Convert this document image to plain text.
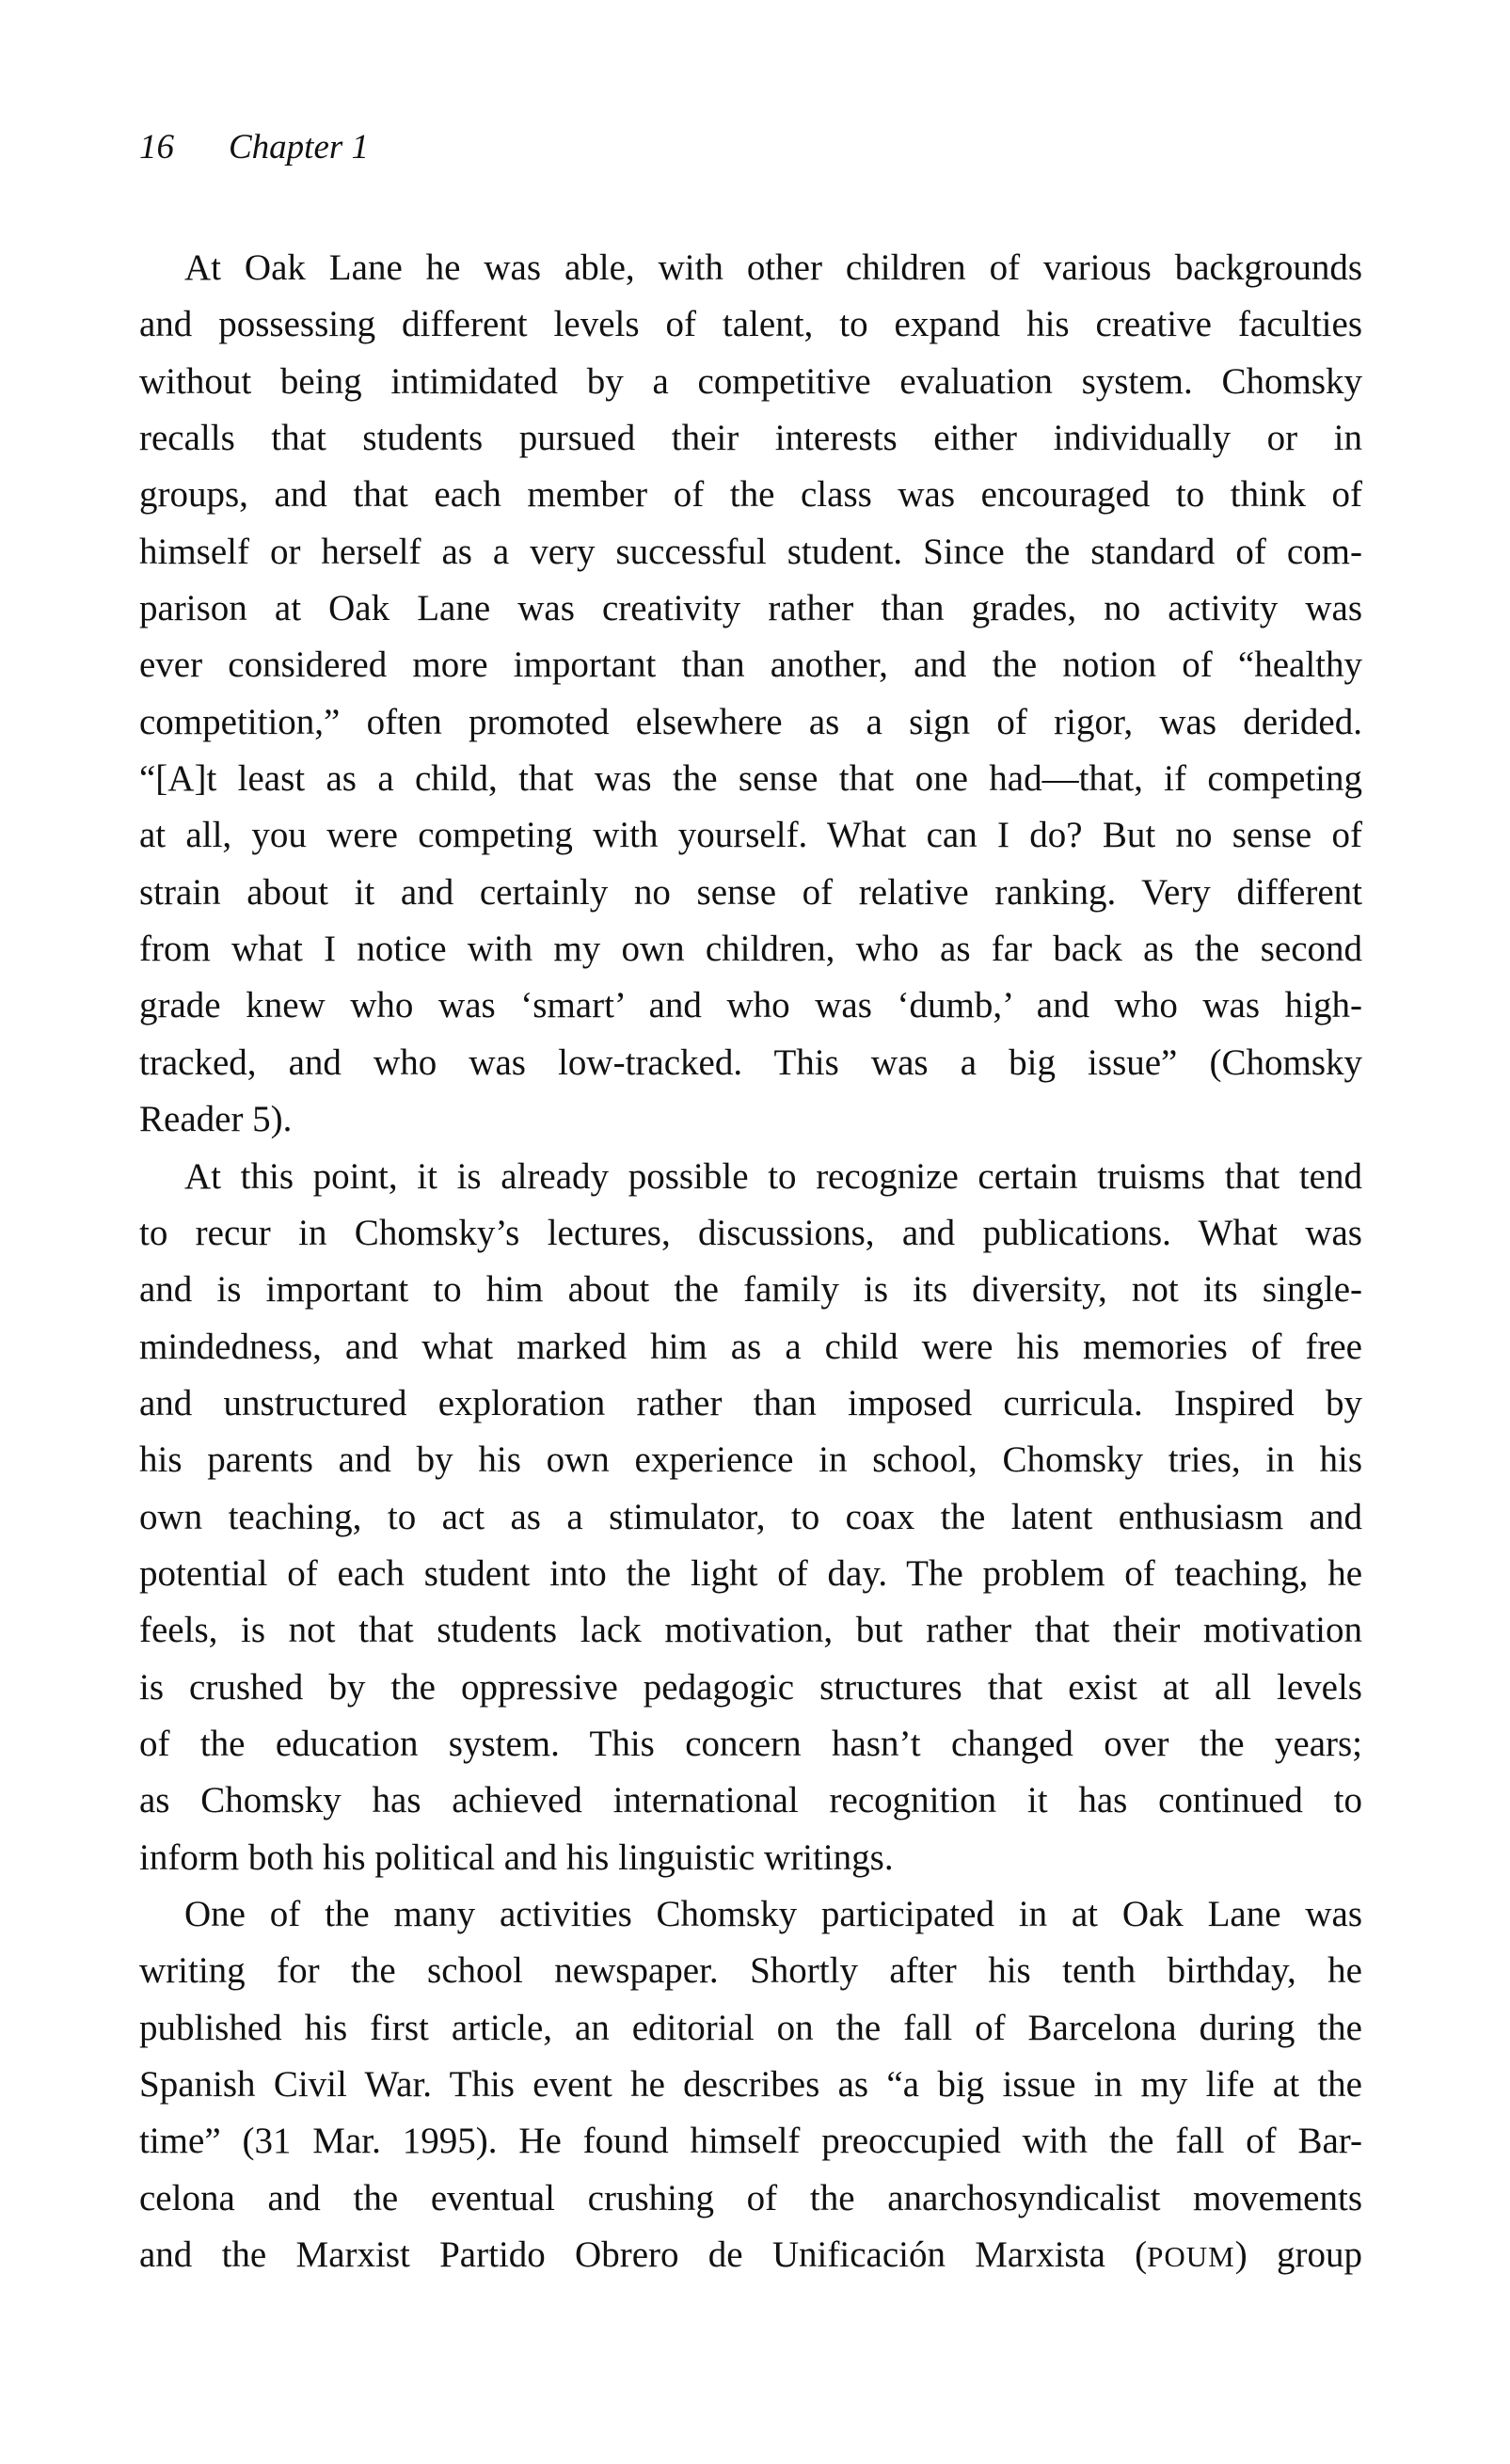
16 Chapter 1
At Oak Lane he was able, with other children of various backgrounds
and possessing different levels of talent, to expand his creative faculties
without being intimidated by a competitive evaluation system. Chomsky
recalls that students pursued their interests either individually or in
groups, and that each member of the class was encouraged to think of
himself or herself as a very successful student. Since the standard of com-
parison at Oak Lane was creativity rather than grades, no activity was
ever considered more important than another, and the notion of “healthy
competition,” often promoted elsewhere as a sign of rigor, was derided.
“[A]t least as a child, that was the sense that one had—that, if competing
at all, you were competing with yourself. What can I do? But no sense of
strain about it and certainly no sense of relative ranking. Very different
from what I notice with my own children, who as far back as the second
grade knew who was ‘smart’ and who was ‘dumb,’ and who was high-
tracked, and who was low-tracked. This was a big issue” (Chomsky
Reader 5).
At this point, it is already possible to recognize certain truisms that tend
to recur in Chomsky’s lectures, discussions, and publications. What was
and is important to him about the family is its diversity, not its single-
mindedness, and what marked him as a child were his memories of free
and unstructured exploration rather than imposed curricula. Inspired by
his parents and by his own experience in school, Chomsky tries, in his
own teaching, to act as a stimulator, to coax the latent enthusiasm and
potential of each student into the light of day. The problem of teaching, he
feels, is not that students lack motivation, but rather that their motivation
is crushed by the oppressive pedagogic structures that exist at all levels
of the education system. This concern hasn’t changed over the years;
as Chomsky has achieved international recognition it has continued to
inform both his political and his linguistic writings.
One of the many activities Chomsky participated in at Oak Lane was
writing for the school newspaper. Shortly after his tenth birthday, he
published his first article, an editorial on the fall of Barcelona during the
Spanish Civil War. This event he describes as “a big issue in my life at the
time” (31 Mar. 1995). He found himself preoccupied with the fall of Bar-
celona and the eventual crushing of the anarchosyndicalist movements
and the Marxist Partido Obrero de Unificación Marxista (POUM) group
